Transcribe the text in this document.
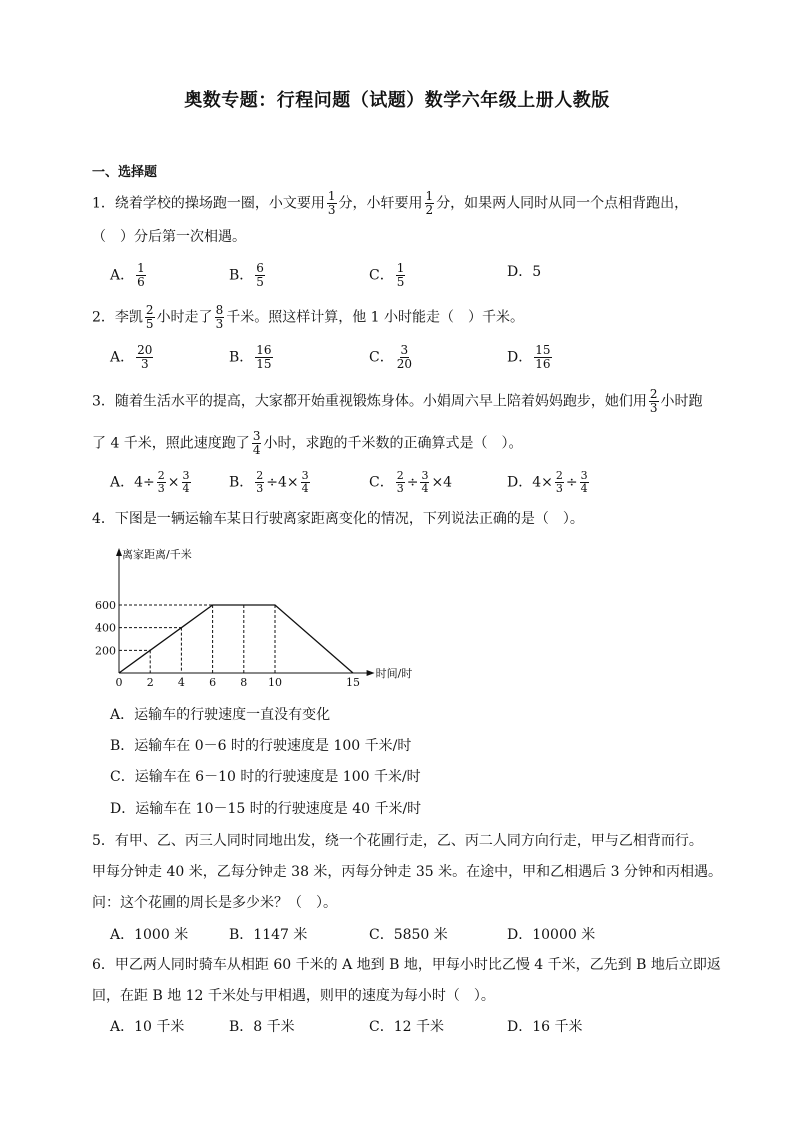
奥数专题：行程问题（试题）数学六年级上册人教版
一、选择题
1．绕着学校的操场跑一圈，小文要用 $\frac{1}{3}$ 分，小轩要用 $\frac{1}{2}$ 分，如果两人同时从同一个点相背跑出，
（　）分后第一次相遇。
A． $\frac{1}{6}$	B． $\frac{6}{5}$	C． $\frac{1}{5}$	D．5
2．李凯 $\frac{2}{5}$ 小时走了 $\frac{8}{3}$ 千米。照这样计算，他 1 小时能走（　）千米。
A． $\frac{20}{3}$	B． $\frac{16}{15}$	C． $\frac{3}{20}$	D． $\frac{15}{16}$
3．随着生活水平的提高，大家都开始重视锻炼身体。小娟周六早上陪着妈妈跑步，她们用 $\frac{2}{3}$ 小时跑
了 4 千米，照此速度跑了 $\frac{3}{4}$ 小时，求跑的千米数的正确算式是（　）。
A．$4\div \frac{2}{3} \times \frac{3}{4}$	B． $\frac{2}{3} \div 4\times \frac{3}{4}$	C． $\frac{2}{3} \div \frac{3}{4} \times 4$	D．$4\times \frac{2}{3} \div \frac{3}{4}$
4．下图是一辆运输车某日行驶离家距离变化的情况，下列说法正确的是（　）。
离家距离/千米
时间/时
200
400
600
0 2 4 6 8 10	15
A．运输车的行驶速度一直没有变化
B．运输车在 0－6 时的行驶速度是 100 千米/时
C．运输车在 6－10 时的行驶速度是 100 千米/时
D．运输车在 10－15 时的行驶速度是 40 千米/时
5．有甲、乙、丙三人同时同地出发，绕一个花圃行走，乙、丙二人同方向行走，甲与乙相背而行。
甲每分钟走 40 米，乙每分钟走 38 米，丙每分钟走 35 米。在途中，甲和乙相遇后 3 分钟和丙相遇。
问：这个花圃的周长是多少米？（　）。
A．1000 米	B．1147 米	C．5850 米	D．10000 米
6．甲乙两人同时骑车从相距 60 千米的 A 地到 B 地，甲每小时比乙慢 4 千米，乙先到 B 地后立即返
回，在距 B 地 12 千米处与甲相遇，则甲的速度为每小时（　）。
A．10 千米	B．8 千米	C．12 千米	D．16 千米
